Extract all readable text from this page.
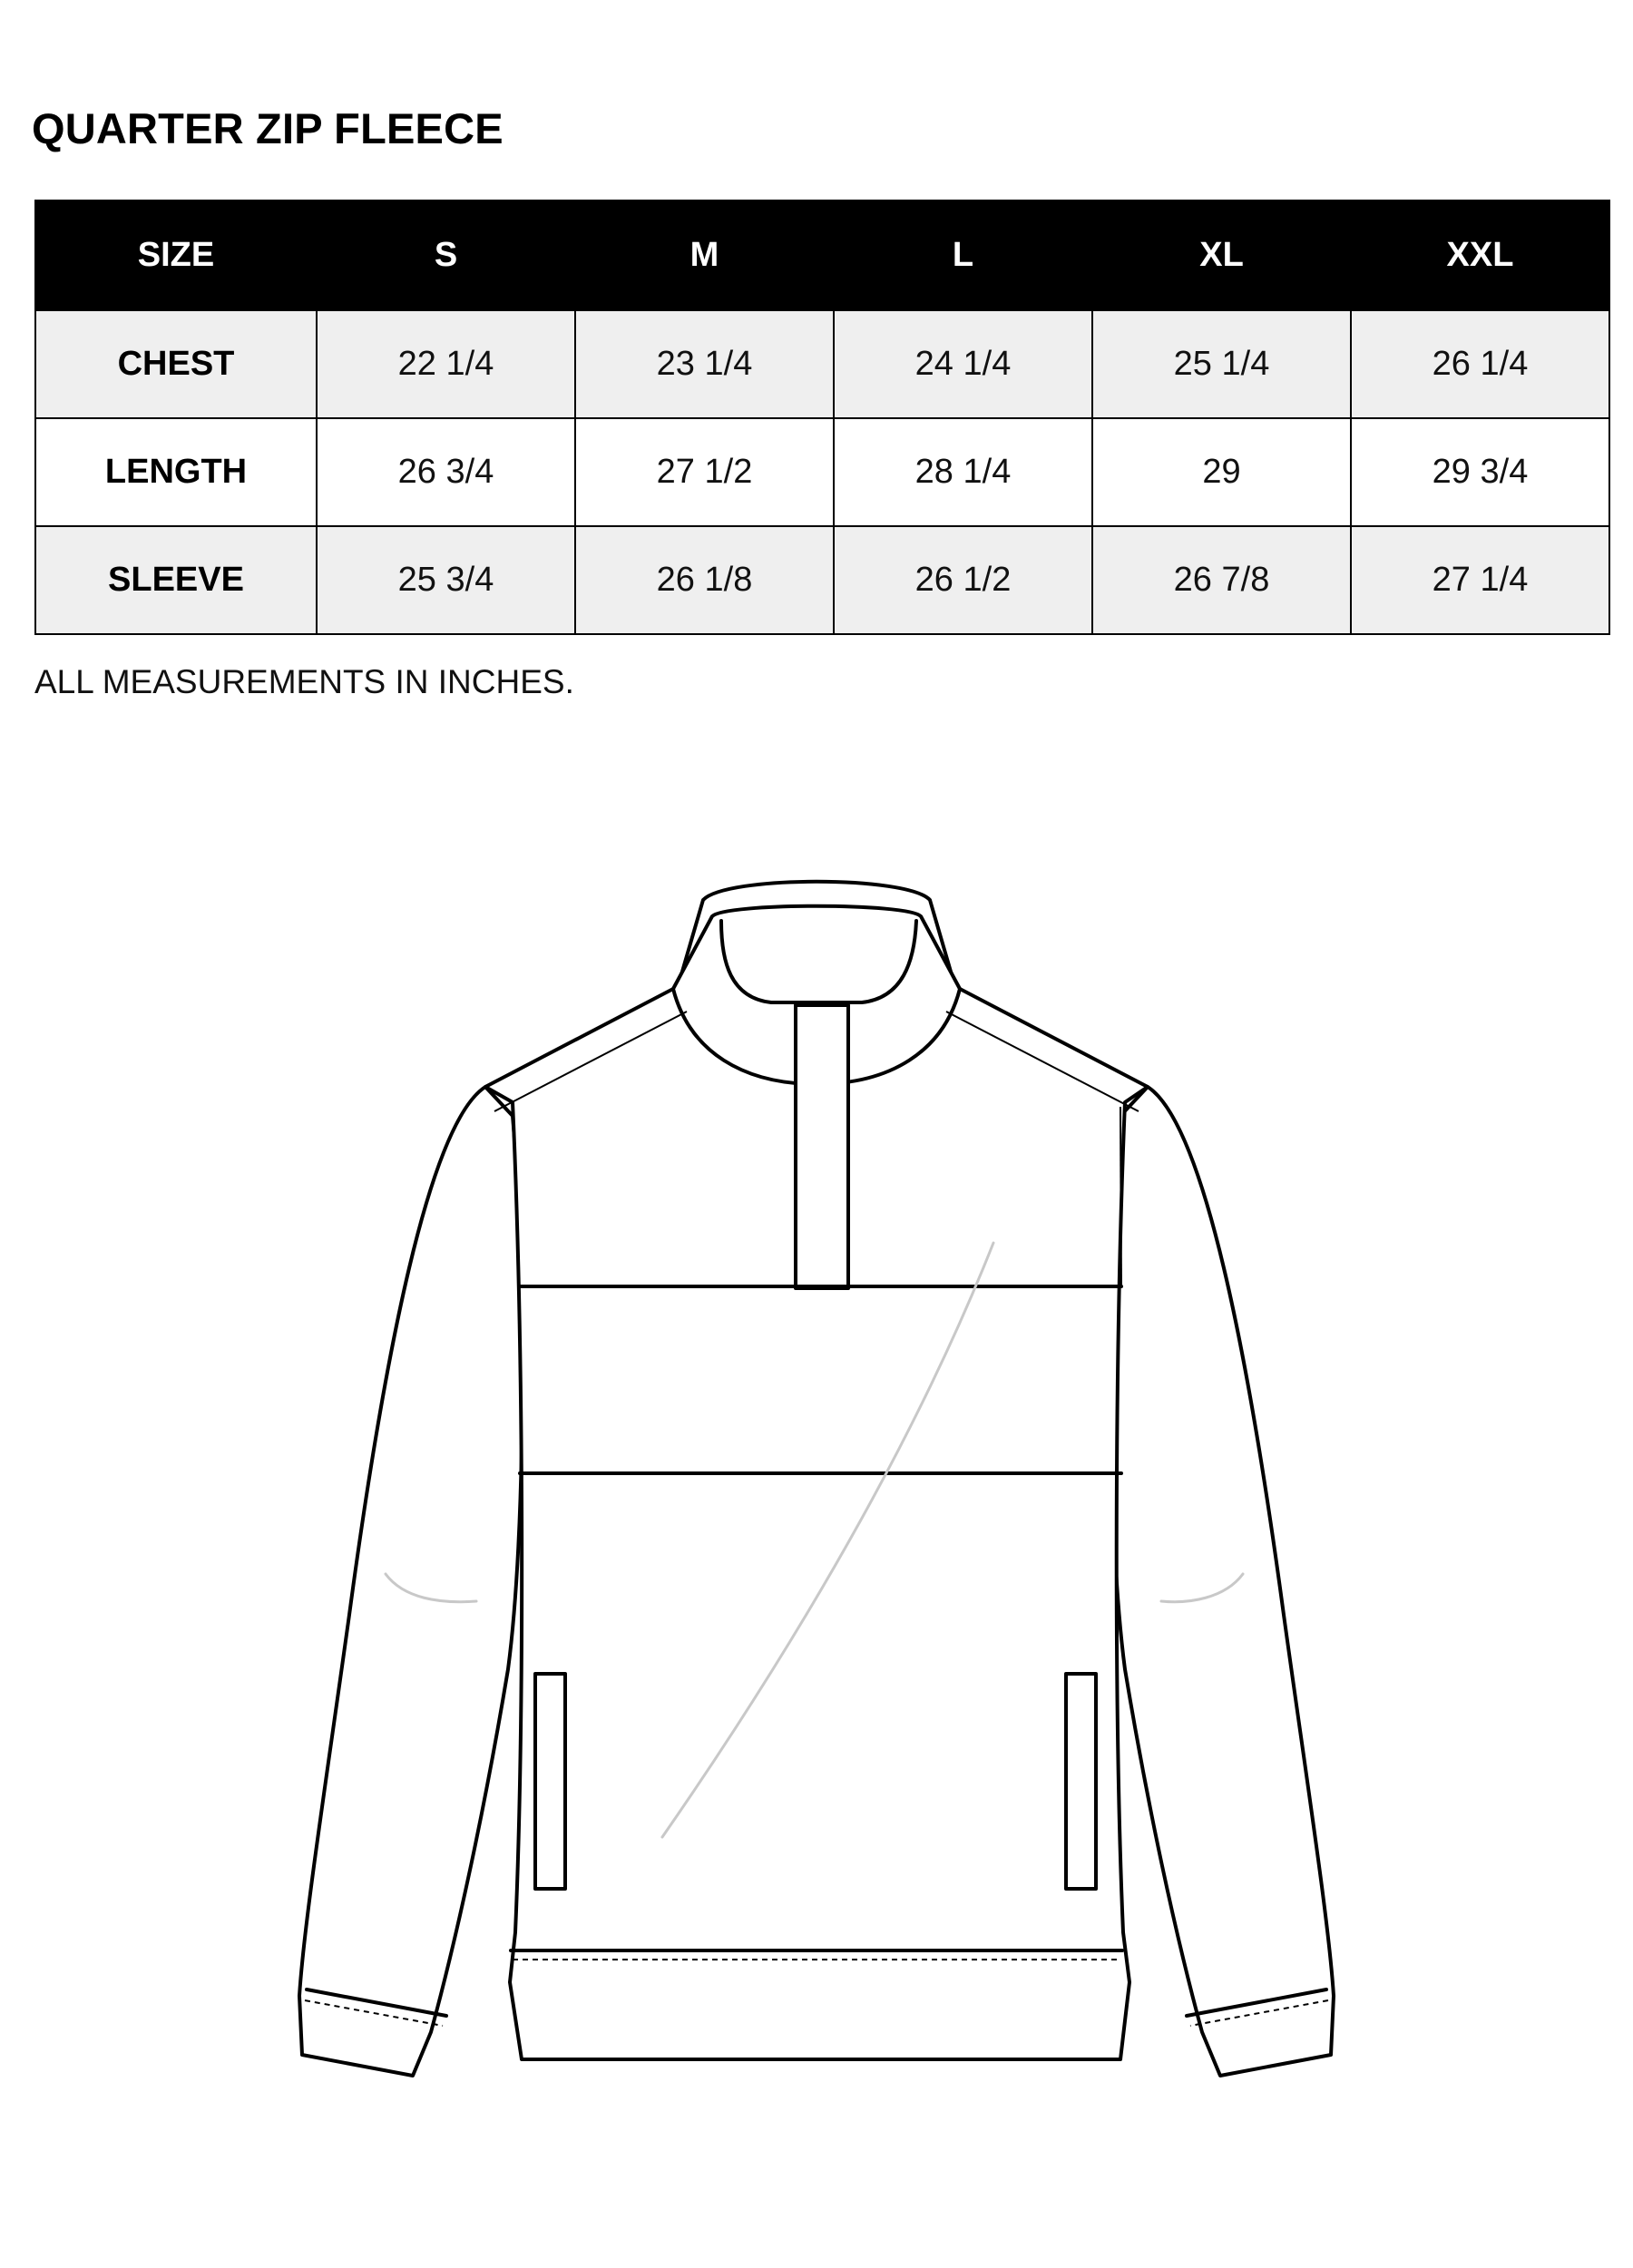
QUARTER ZIP FLEECE
SIZE	S	M	L	XL	XXL
CHEST	22 1/4	23 1/4	24 1/4	25 1/4	26 1/4
LENGTH	26 3/4	27 1/2	28 1/4	29	29 3/4
SLEEVE	25 3/4	26 1/8	26 1/2	26 7/8	27 1/4
ALL MEASUREMENTS IN INCHES.
